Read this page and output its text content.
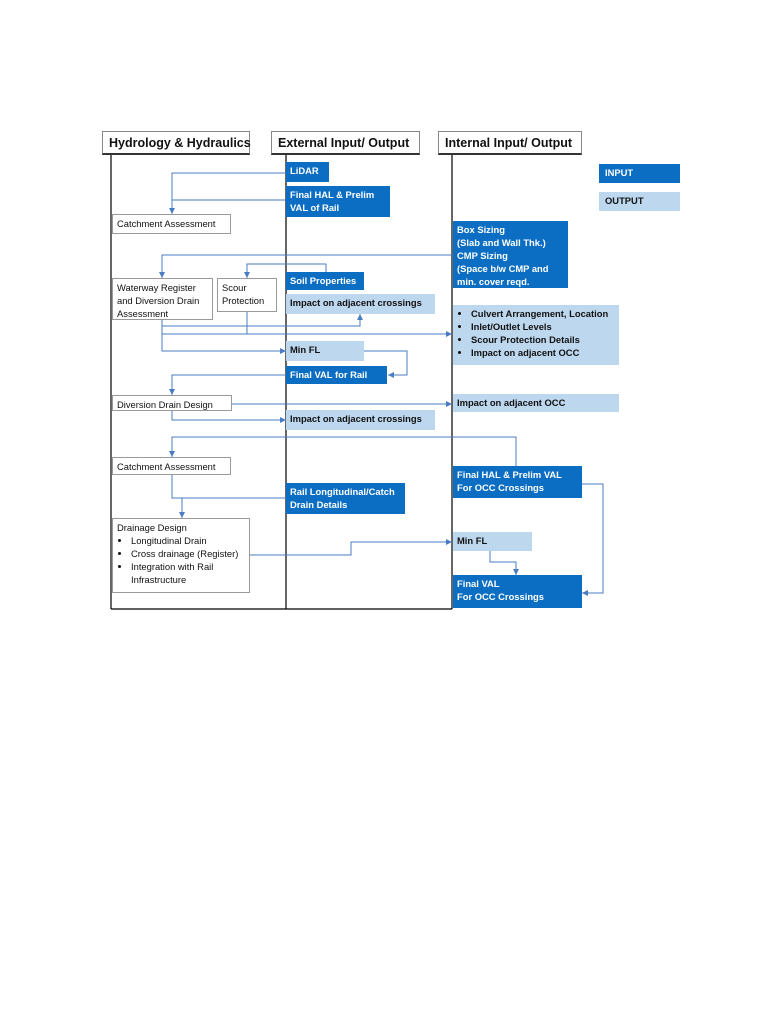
Hydrology & Hydraulics	External Input/ Output	Internal Input/ Output
INPUT
OUTPUT
Catchment Assessment
Waterway Register and Diversion Drain Assessment
Scour Protection
Diversion Drain Design
Catchment Assessment
Drainage Design
• Longitudinal Drain
• Cross drainage (Register)
• Integration with Rail Infrastructure
LiDAR
Final HAL & Prelim
VAL of Rail
Soil Properties
Impact on adjacent crossings
Min FL
Final VAL for Rail
Impact on adjacent crossings
Rail Longitudinal/Catch
Drain Details
Box Sizing
(Slab and Wall Thk.)
CMP Sizing
(Space b/w CMP and
min. cover reqd.
• Culvert Arrangement, Location
• Inlet/Outlet Levels
• Scour Protection Details
• Impact on adjacent OCC
Impact on adjacent OCC
Final HAL & Prelim VAL
For OCC Crossings
Min FL
Final VAL
For OCC Crossings
